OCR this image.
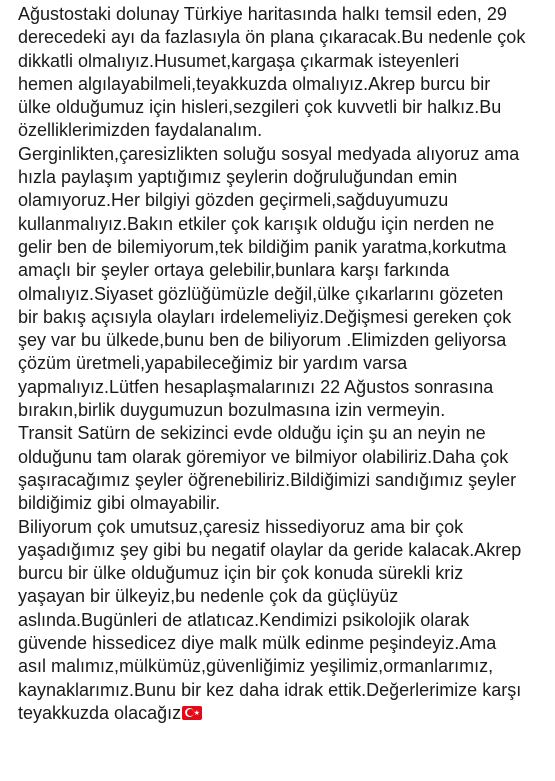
Ağustostaki dolunay Türkiye haritasında halkı temsil eden, 29

derecedeki ayı da fazlasıyla ön plana çıkaracak.Bu nedenle çok

dikkatli olmalıyız.Husumet,kargaşa çıkarmak isteyenleri

hemen algılayabilmeli,teyakkuzda olmalıyız.Akrep burcu bir

ülke olduğumuz için hisleri,sezgileri çok kuvvetli bir halkız.Bu

özelliklerimizden faydalanalım.

Gerginlikten,çaresizlikten soluğu sosyal medyada alıyoruz ama

hızla paylaşım yaptığımız şeylerin doğruluğundan emin

olamıyoruz.Her bilgiyi gözden geçirmeli,sağduyumuzu

kullanmalıyız.Bakın etkiler çok karışık olduğu için nerden ne

gelir ben de bilemiyorum,tek bildiğim panik yaratma,korkutma

amaçlı bir şeyler ortaya gelebilir,bunlara karşı farkında

olmalıyız.Siyaset gözlüğümüzle değil,ülke çıkarlarını gözeten

bir bakış açısıyla olayları irdelemeliyiz.Değişmesi gereken çok

şey var bu ülkede,bunu ben de biliyorum .Elimizden geliyorsa

çözüm üretmeli,yapabileceğimiz bir yardım varsa

yapmalıyız.Lütfen hesaplaşmalarınızı 22 Ağustos sonrasına

bırakın,birlik duygumuzun bozulmasına izin vermeyin.

Transit Satürn de sekizinci evde olduğu için şu an neyin ne

olduğunu tam olarak göremiyor ve bilmiyor olabiliriz.Daha çok

şaşıracağımız şeyler öğrenebiliriz.Bildiğimizi sandığımız şeyler

bildiğimiz gibi olmayabilir.

Biliyorum çok umutsuz,çaresiz hissediyoruz ama bir çok

yaşadığımız şey gibi bu negatif olaylar da geride kalacak.Akrep

burcu bir ülke olduğumuz için bir çok konuda sürekli kriz

yaşayan bir ülkeyiz,bu nedenle çok da güçlüyüz

aslında.Bugünleri de atlatıcaz.Kendimizi psikolojik olarak

güvende hissedicez diye malk mülk edinme peşindeyiz.Ama

asıl malımız,mülkümüz,güvenliğimiz yeşilimiz,ormanlarımız,

kaynaklarımız.Bunu bir kez daha idrak ettik.Değerlerimize karşı

teyakkuzda olacağız ★
